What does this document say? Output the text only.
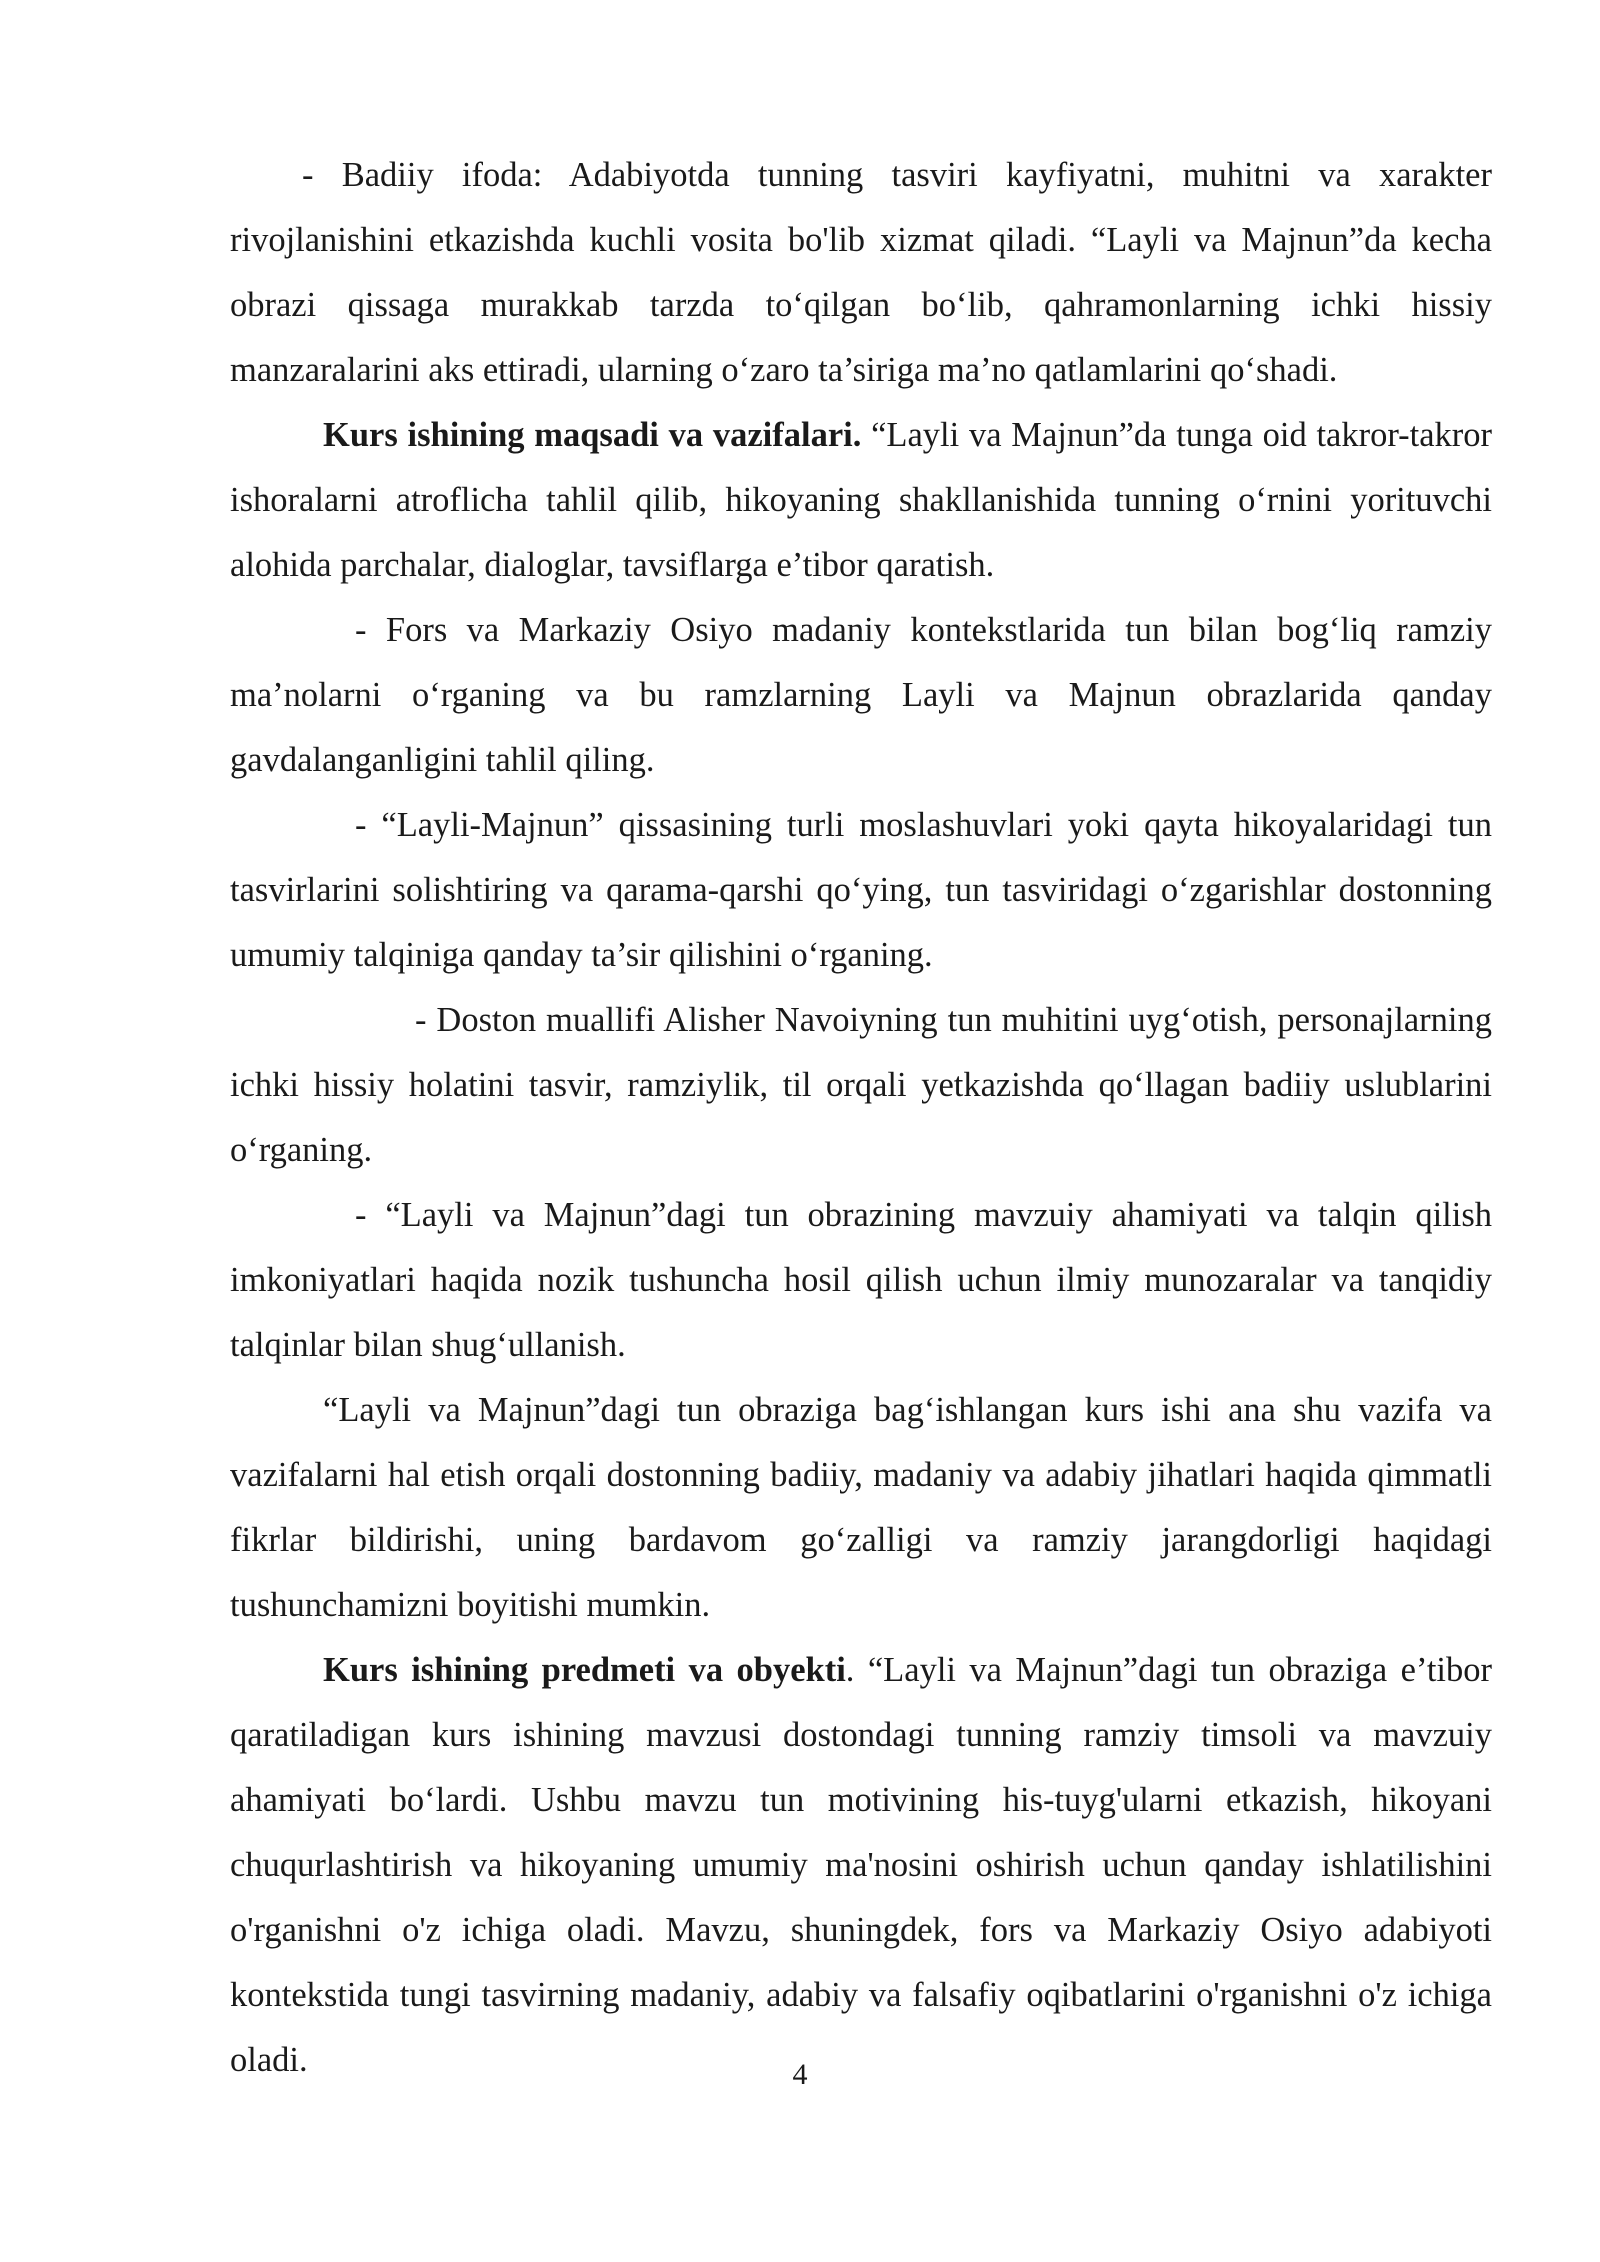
- Badiiy ifoda: Adabiyotda tunning tasviri kayfiyatni, muhitni va xarakter rivojlanishini etkazishda kuchli vosita bo'lib xizmat qiladi. “Layli va Majnun”da kecha obrazi qissaga murakkab tarzda to‘qilgan bo‘lib, qahramonlarning ichki hissiy manzaralarini aks ettiradi, ularning o‘zaro ta’siriga ma’no qatlamlarini qo‘shadi.

Kurs ishining maqsadi va vazifalari. “Layli va Majnun”da tunga oid takror-takror ishoralarni atroflicha tahlil qilib, hikoyaning shakllanishida tunning o‘rnini yorituvchi alohida parchalar, dialoglar, tavsiflarga e’tibor qaratish.

- Fors va Markaziy Osiyo madaniy kontekstlarida tun bilan bog‘liq ramziy ma’nolarni o‘rganing va bu ramzlarning Layli va Majnun obrazlarida qanday gavdalanganligini tahlil qiling.

- “Layli-Majnun” qissasining turli moslashuvlari yoki qayta hikoyalaridagi tun tasvirlarini solishtiring va qarama-qarshi qo‘ying, tun tasviridagi o‘zgarishlar dostonning umumiy talqiniga qanday ta’sir qilishini o‘rganing.

- Doston muallifi Alisher Navoiyning tun muhitini uyg‘otish, personajlarning ichki hissiy holatini tasvir, ramziylik, til orqali yetkazishda qo‘llagan badiiy uslublarini o‘rganing.

- “Layli va Majnun”dagi tun obrazining mavzuiy ahamiyati va talqin qilish imkoniyatlari haqida nozik tushuncha hosil qilish uchun ilmiy munozaralar va tanqidiy talqinlar bilan shug‘ullanish.

“Layli va Majnun”dagi tun obraziga bag‘ishlangan kurs ishi ana shu vazifa va vazifalarni hal etish orqali dostonning badiiy, madaniy va adabiy jihatlari haqida qimmatli fikrlar bildirishi, uning bardavom go‘zalligi va ramziy jarangdorligi haqidagi tushunchamizni boyitishi mumkin.

Kurs ishining predmeti va obyekti. “Layli va Majnun”dagi tun obraziga e’tibor qaratiladigan kurs ishining mavzusi dostondagi tunning ramziy timsoli va mavzuiy ahamiyati bo‘lardi. Ushbu mavzu tun motivining his-tuyg'ularni etkazish, hikoyani chuqurlashtirish va hikoyaning umumiy ma'nosini oshirish uchun qanday ishlatilishini o'rganishni o'z ichiga oladi. Mavzu, shuningdek, fors va Markaziy Osiyo adabiyoti kontekstida tungi tasvirning madaniy, adabiy va falsafiy oqibatlarini o'rganishni o'z ichiga oladi.	4
